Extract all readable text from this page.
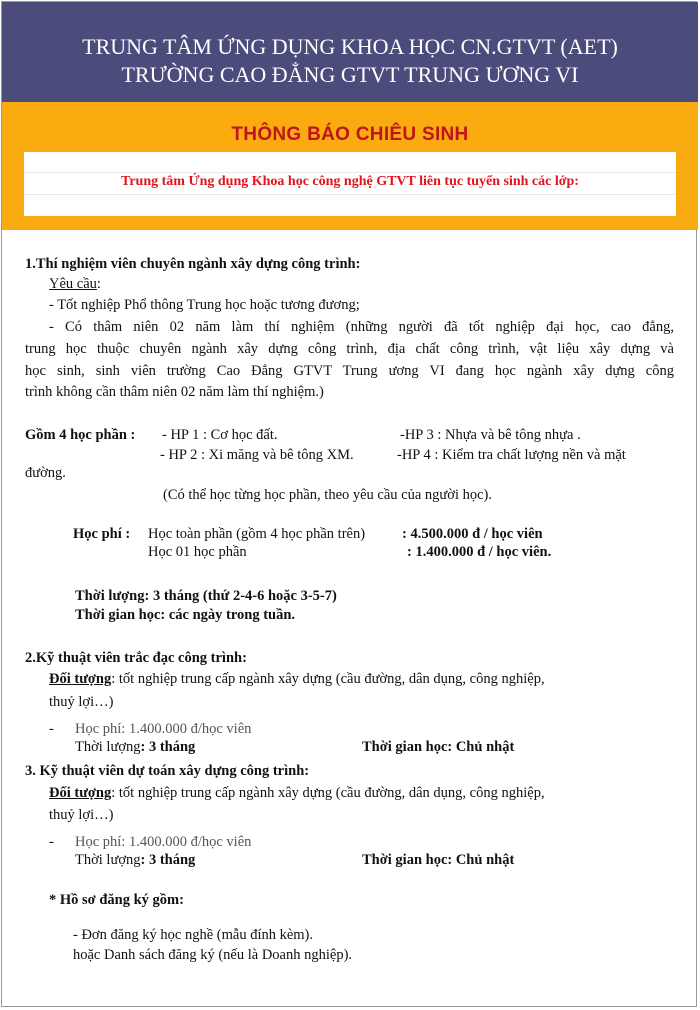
TRUNG TÂM ỨNG DỤNG KHOA HỌC CN.GTVT (AET)
TRƯỜNG CAO ĐẲNG GTVT TRUNG ƯƠNG VI
THÔNG BÁO CHIÊU SINH
Trung tâm Ứng dụng Khoa học công nghệ GTVT liên tục tuyển sinh các lớp:
1.Thí nghiệm viên chuyên ngành xây dựng công trình:
Yêu cầu:
- Tốt nghiệp Phổ thông Trung học hoặc tương đương;
- Có thâm niên 02 năm làm thí nghiệm (những người đã tốt nghiệp đại học, cao đẳng,
trung học thuộc chuyên ngành xây dựng công trình, địa chất công trình, vật liệu xây dựng và
học sinh, sinh viên trường Cao Đẳng GTVT Trung ương VI đang học ngành xây dựng công
trình không cần thâm niên 02 năm làm thí nghiệm.)
Gồm 4 học phần : - HP 1 : Cơ học đất.	-HP 3 : Nhựa và bê tông nhựa .
- HP 2 : Xi măng và bê tông XM.	-HP 4 : Kiểm tra chất lượng nền và mặt
đường.
(Có thể học từng học phần, theo yêu cầu của người học).
Học phí : Học toàn phần (gồm 4 học phần trên)	: 4.500.000 đ / học viên
Học 01 học phần	: 1.400.000 đ / học viên.
Thời lượng: 3 tháng (thứ 2-4-6 hoặc 3-5-7)
Thời gian học: các ngày trong tuần.
2.Kỹ thuật viên trắc đạc công trình:
Đối tượng: tốt nghiệp trung cấp ngành xây dựng (cầu đường, dân dụng, công nghiệp,
thuỷ lợi…)
- Học phí: 1.400.000 đ/học viên
Thời lượng: 3 tháng	Thời gian học: Chủ nhật
3. Kỹ thuật viên dự toán xây dựng công trình:
Đối tượng: tốt nghiệp trung cấp ngành xây dựng (cầu đường, dân dụng, công nghiệp,
thuỷ lợi…)
- Học phí: 1.400.000 đ/học viên
Thời lượng: 3 tháng	Thời gian học: Chủ nhật
* Hồ sơ đăng ký gồm:
- Đơn đăng ký học nghề (mẫu đính kèm).
hoặc Danh sách đăng ký (nếu là Doanh nghiệp).
